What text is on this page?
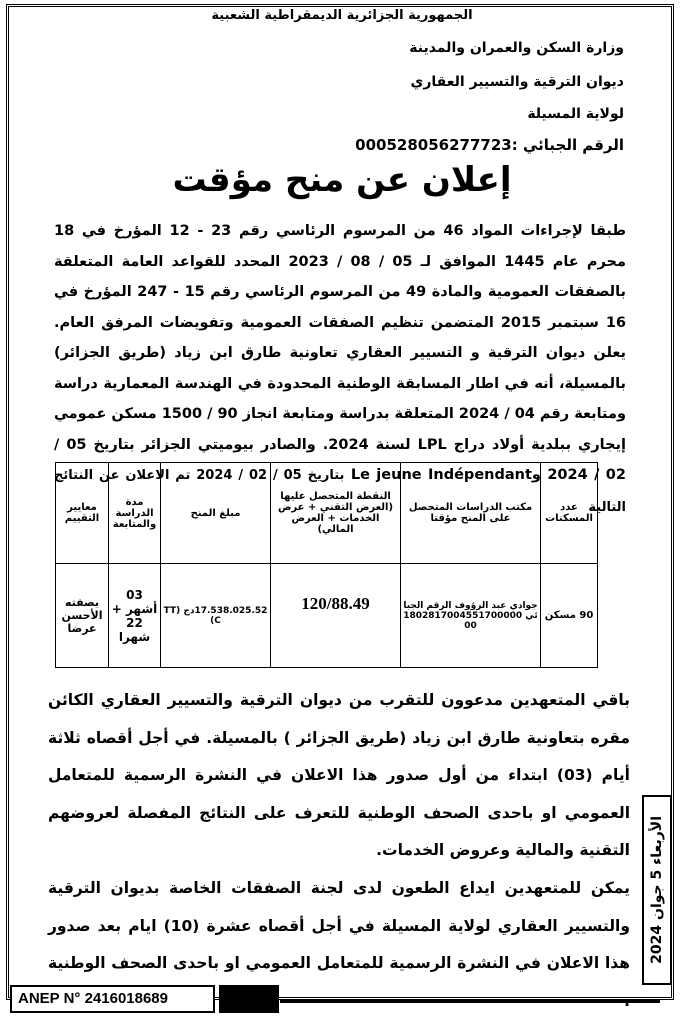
الجمهورية الجزائرية الديمقراطية الشعبية
وزارة السكن والعمران والمدينة
ديوان الترقية والتسيير العقاري
لولاية المسيلة
الرقم الجبائي :000528056277723
إعلان عن منح مؤقت
طبقا لإجراءات المواد 46 من المرسوم الرئاسي رقم 23 - 12 المؤرخ في 18 محرم عام 1445 الموافق لـ 05 / 08 / 2023 المحدد للقواعد العامة المتعلقة بالصفقات العمومية والمادة 49 من المرسوم الرئاسي رقم 15 - 247 المؤرخ في 16 سبتمبر 2015 المتضمن تنظيم الصفقات العمومية وتفويضات المرفق العام. يعلن ديوان الترقية و التسيير العقاري تعاونية طارق ابن زياد (طريق الجزائر) بالمسيلة، أنه في اطار المسابقة الوطنية المحدودة في الهندسة المعمارية دراسة ومتابعة رقم 04 / 2024 المتعلقة بدراسة ومتابعة انجاز 90 / 1500 مسكن عمومي إيجاري ببلدية أولاد دراج LPL لسنة 2024. والصادر بيوميتي الجزائر بتاريخ 05 / 02 / 2024 وLe jeune Indépendant بتاريخ 05 / 02 / 2024 تم الاعلان عن النتائج التالية
عدد المسكنات	مكتب الدراسات المتحصل على المنح مؤقتا	النقطة المتحصل عليها (العرض التقني + عرض الخدمات + العرض المالي)	مبلغ المنح	مدة الدراسة والمتابعة	معايير التقييم
90 مسكن	جوادي عبد الرؤوف الرقم الجبائي 180281700455170000000	120/88.49	17.538.025.52دج (TTC)	03 أشهر + 22 شهرا	بصفته الأحسن عرضا
باقي المتعهدين مدعوون للتقرب من ديوان الترقية والتسيير العقاري الكائن مقره بتعاونية طارق ابن زياد (طريق الجزائر ) بالمسيلة. في أجل أقصاه ثلاثة أيام (03) ابتداء من أول صدور هذا الاعلان في النشرة الرسمية للمتعامل العمومي او باحدى الصحف الوطنية للتعرف على النتائج المفصلة لعروضهم التقنية والمالية وعروض الخدمات.
يمكن للمتعهدين ايداع الطعون لدى لجنة الصفقات الخاصة بديوان الترقية والتسيير العقاري لولاية المسيلة في أجل أقصاه عشرة (10) ايام بعد صدور هذا الاعلان في النشرة الرسمية للمتعامل العمومي او باحدى الصحف الوطنية	الأربعاء 5 جوان 2024
ANEP N° 2416018689
